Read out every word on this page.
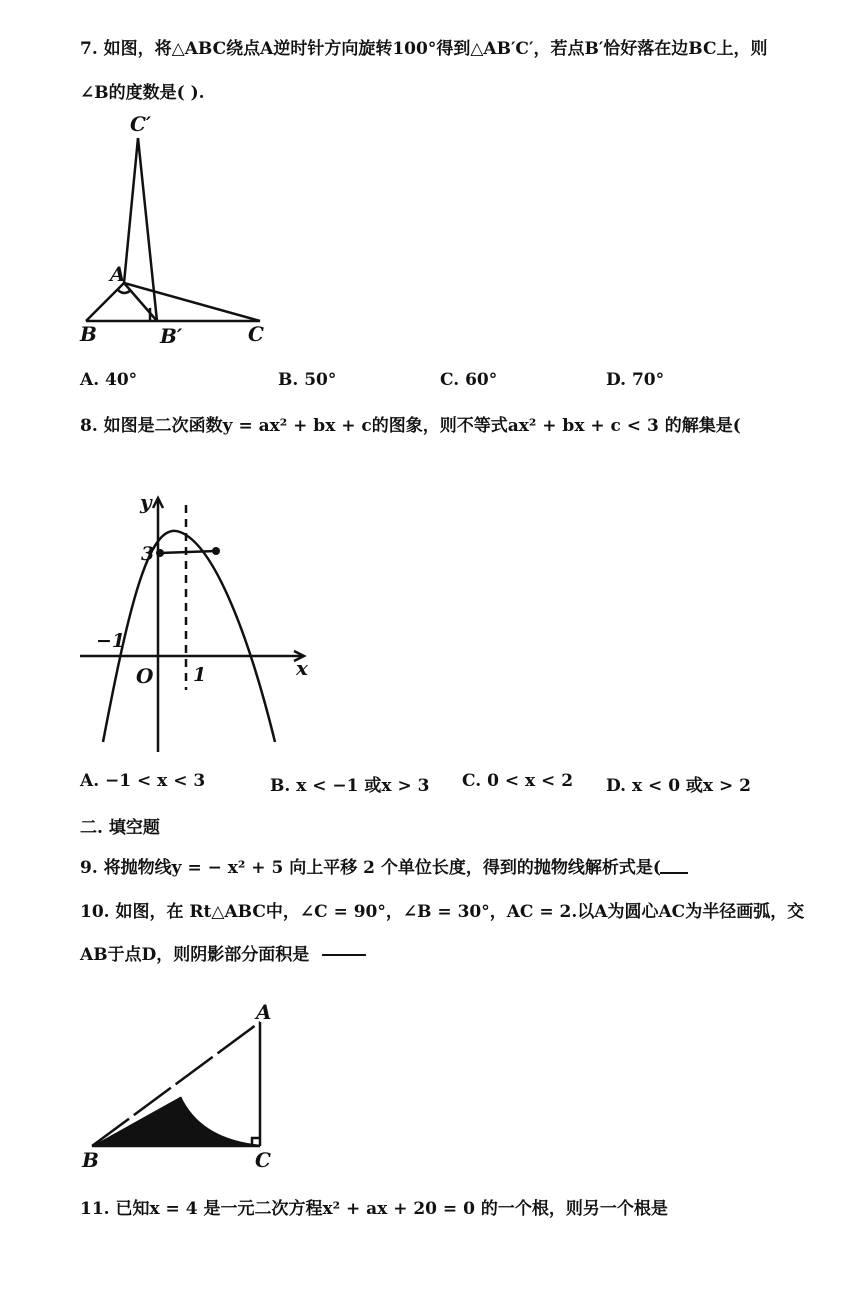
7. 如图，将△ABC绕点A逆时针方向旋转100°得到△AB′C′，若点B′恰好落在边BC上，则
∠B的度数是( ).
C′
A
B	B′	C
A. 40°	B. 50°	C. 60°	D. 70°
8. 如图是二次函数y = ax² + bx + c的图象，则不等式ax² + bx + c < 3 的解集是(
y
3
−1
O 1	x
A. −1 < x < 3	B. x < −1 或x > 3 C. 0 < x < 2 D. x < 0 或x > 2
二. 填空题
9. 将抛物线y = − x² + 5 向上平移 2 个单位长度，得到的抛物线解析式是(
10. 如图，在 Rt△ABC中，∠C = 90°，∠B = 30°，AC = 2.以A为圆心AC为半径画弧，交
AB于点D，则阴影部分面积是
A
B	C
11. 已知x = 4 是一元二次方程x² + ax + 20 = 0 的一个根，则另一个根是
